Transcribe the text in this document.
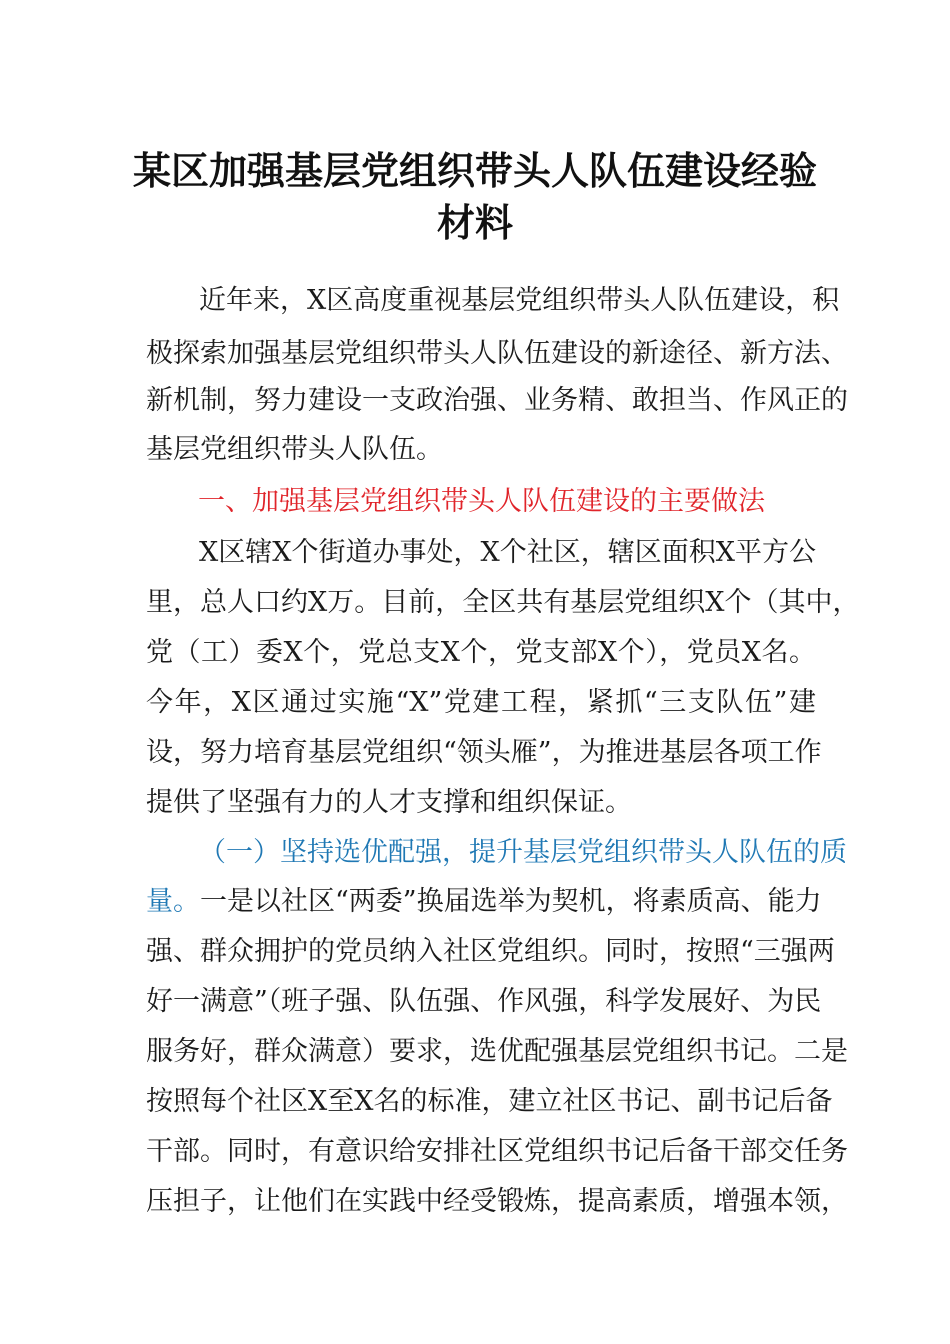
某区加强基层党组织带头人队伍建设经验
材料
近年来，X区高度重视基层党组织带头人队伍建设，积
极探索加强基层党组织带头人队伍建设的新途径、新方法、
新机制，努力建设一支政治强、业务精、敢担当、作风正的
基层党组织带头人队伍。
一、加强基层党组织带头人队伍建设的主要做法
X区辖X个街道办事处，X个社区，辖区面积X平方公
里，总人口约X万。目前，全区共有基层党组织X个（其中，
党（工）委X个，党总支X个，党支部X个），党员X名。
今年，X区通过实施“X”党建工程，紧抓“三支队伍”建
设，努力培育基层党组织“领头雁”，为推进基层各项工作
提供了坚强有力的人才支撑和组织保证。
（一）坚持选优配强，提升基层党组织带头人队伍的质
量。一是以社区“两委”换届选举为契机，将素质高、能力
强、群众拥护的党员纳入社区党组织。同时，按照“三强两
好一满意”（班子强、队伍强、作风强，科学发展好、为民
服务好，群众满意）要求，选优配强基层党组织书记。二是
按照每个社区X至X名的标准，建立社区书记、副书记后备
干部。同时，有意识给安排社区党组织书记后备干部交任务
压担子，让他们在实践中经受锻炼，提高素质，增强本领，
